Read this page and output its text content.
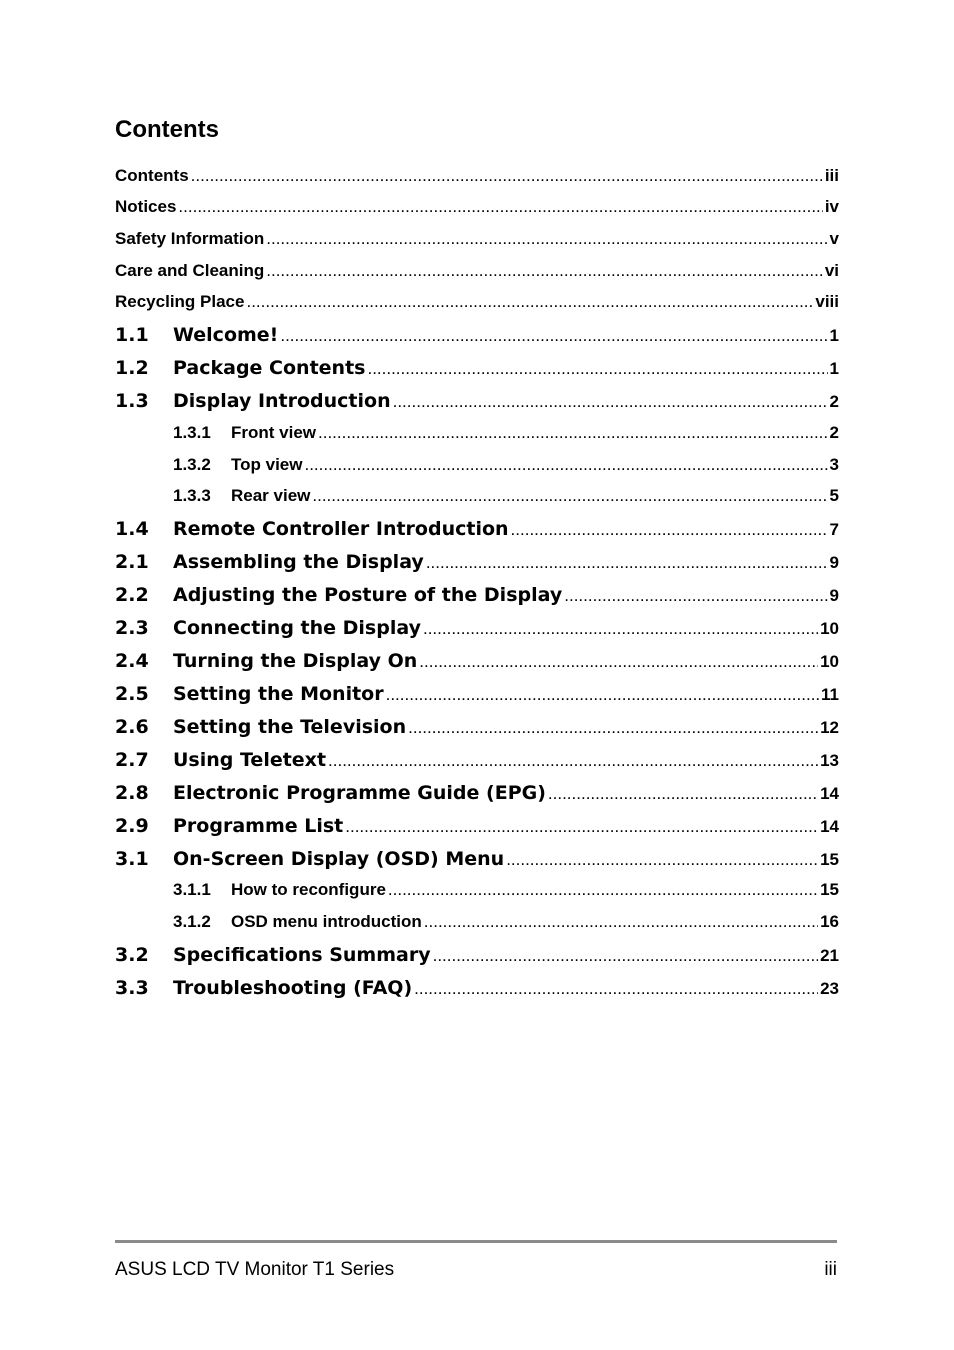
Contents
Contents .....	iii
Notices .....	iv
Safety Information .....	v
Care and Cleaning .....	vi
Recycling Place .....	viii
1.1	Welcome! .....	1
1.2	Package Contents .....	1
1.3	Display Introduction .....	2
1.3.1	Front view .....	2
1.3.2	Top view .....	3
1.3.3	Rear view .....	5
1.4	Remote Controller Introduction .....	7
2.1	Assembling the Display .....	9
2.2	Adjusting the Posture of the Display .....	9
2.3	Connecting the Display .....	10
2.4	Turning the Display On .....	10
2.5	Setting the Monitor .....	11
2.6	Setting the Television .....	12
2.7	Using Teletext .....	13
2.8	Electronic Programme Guide (EPG) .....	14
2.9	Programme List .....	14
3.1	On-Screen Display (OSD) Menu .....	15
3.1.1	How to reconfigure .....	15
3.1.2	OSD menu introduction .....	16
3.2	Specifications Summary .....	21
3.3	Troubleshooting (FAQ) .....	23
ASUS LCD TV Monitor T1 Series	iii
